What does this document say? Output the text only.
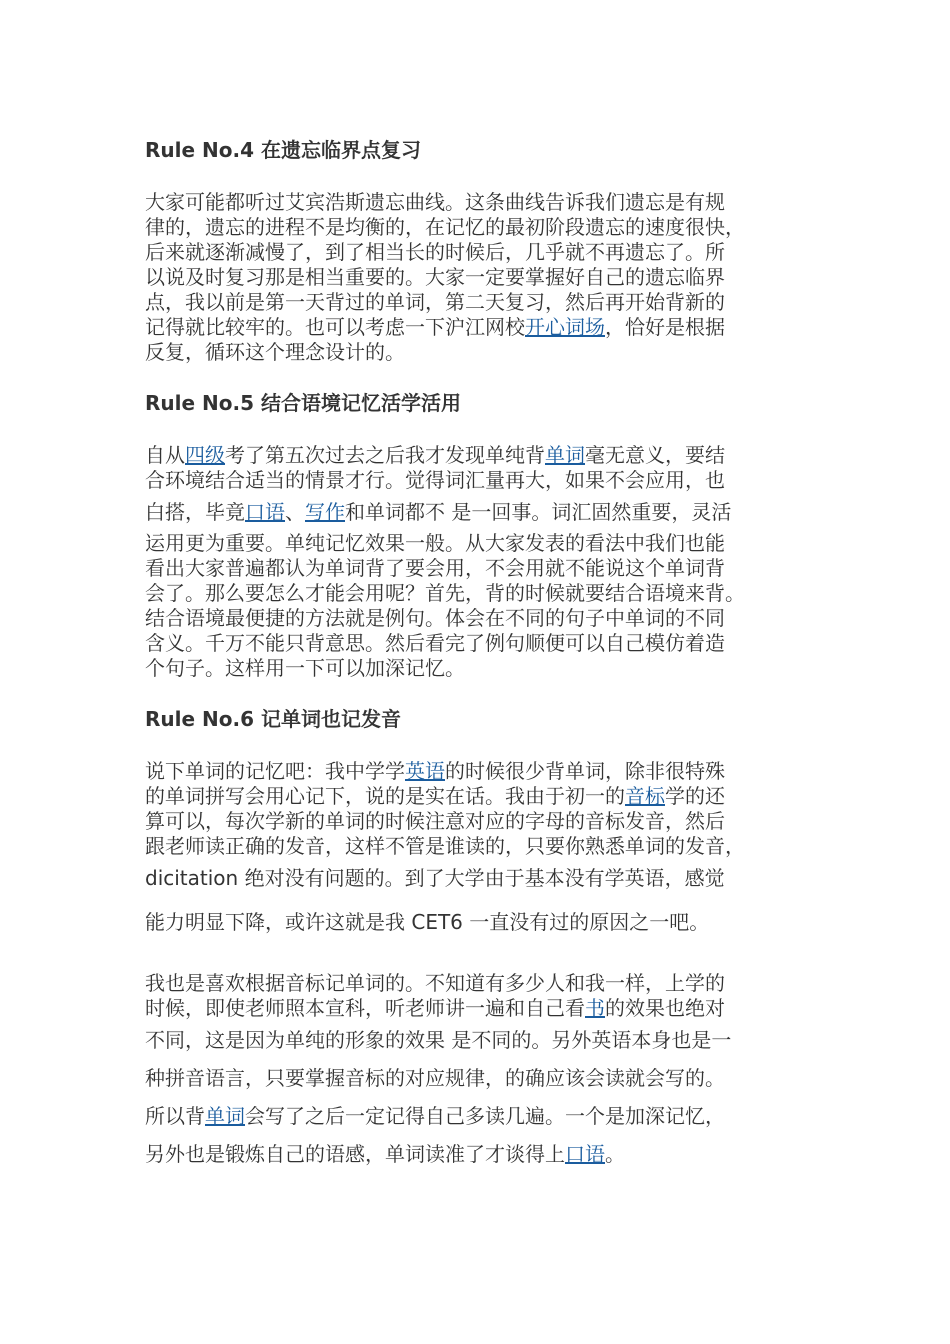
Rule No.4 在遗忘临界点复习
大家可能都听过艾宾浩斯遗忘曲线。这条曲线告诉我们遗忘是有规
律的，遗忘的进程不是均衡的，在记忆的最初阶段遗忘的速度很快，
后来就逐渐减慢了，到了相当长的时候后，几乎就不再遗忘了。所
以说及时复习那是相当重要的。大家一定要掌握好自己的遗忘临界
点，我以前是第一天背过的单词，第二天复习，然后再开始背新的
记得就比较牢的。也可以考虑一下沪江网校开心词场，恰好是根据
反复，循环这个理念设计的。
Rule No.5 结合语境记忆活学活用
自从四级考了第五次过去之后我才发现单纯背单词毫无意义，要结
合环境结合适当的情景才行。觉得词汇量再大，如果不会应用，也
白搭，毕竟口语、写作和单词都不 是一回事。词汇固然重要，灵活
运用更为重要。单纯记忆效果一般。从大家发表的看法中我们也能
看出大家普遍都认为单词背了要会用，不会用就不能说这个单词背
会了。那么要怎么才能会用呢？首先，背的时候就要结合语境来背。
结合语境最便捷的方法就是例句。体会在不同的句子中单词的不同
含义。千万不能只背意思。然后看完了例句顺便可以自己模仿着造
个句子。这样用一下可以加深记忆。
Rule No.6 记单词也记发音
说下单词的记忆吧：我中学学英语的时候很少背单词，除非很特殊
的单词拼写会用心记下，说的是实在话。我由于初一的音标学的还
算可以，每次学新的单词的时候注意对应的字母的音标发音，然后
跟老师读正确的发音，这样不管是谁读的，只要你熟悉单词的发音，
dicitation 绝对没有问题的。到了大学由于基本没有学英语，感觉
能力明显下降，或许这就是我 CET6 一直没有过的原因之一吧。
我也是喜欢根据音标记单词的。不知道有多少人和我一样，上学的
时候，即使老师照本宣科，听老师讲一遍和自己看书的效果也绝对
不同，这是因为单纯的形象的效果 是不同的。另外英语本身也是一
种拼音语言，只要掌握音标的对应规律，的确应该会读就会写的。
所以背单词会写了之后一定记得自己多读几遍。一个是加深记忆，
另外也是锻炼自己的语感，单词读准了才谈得上口语。
